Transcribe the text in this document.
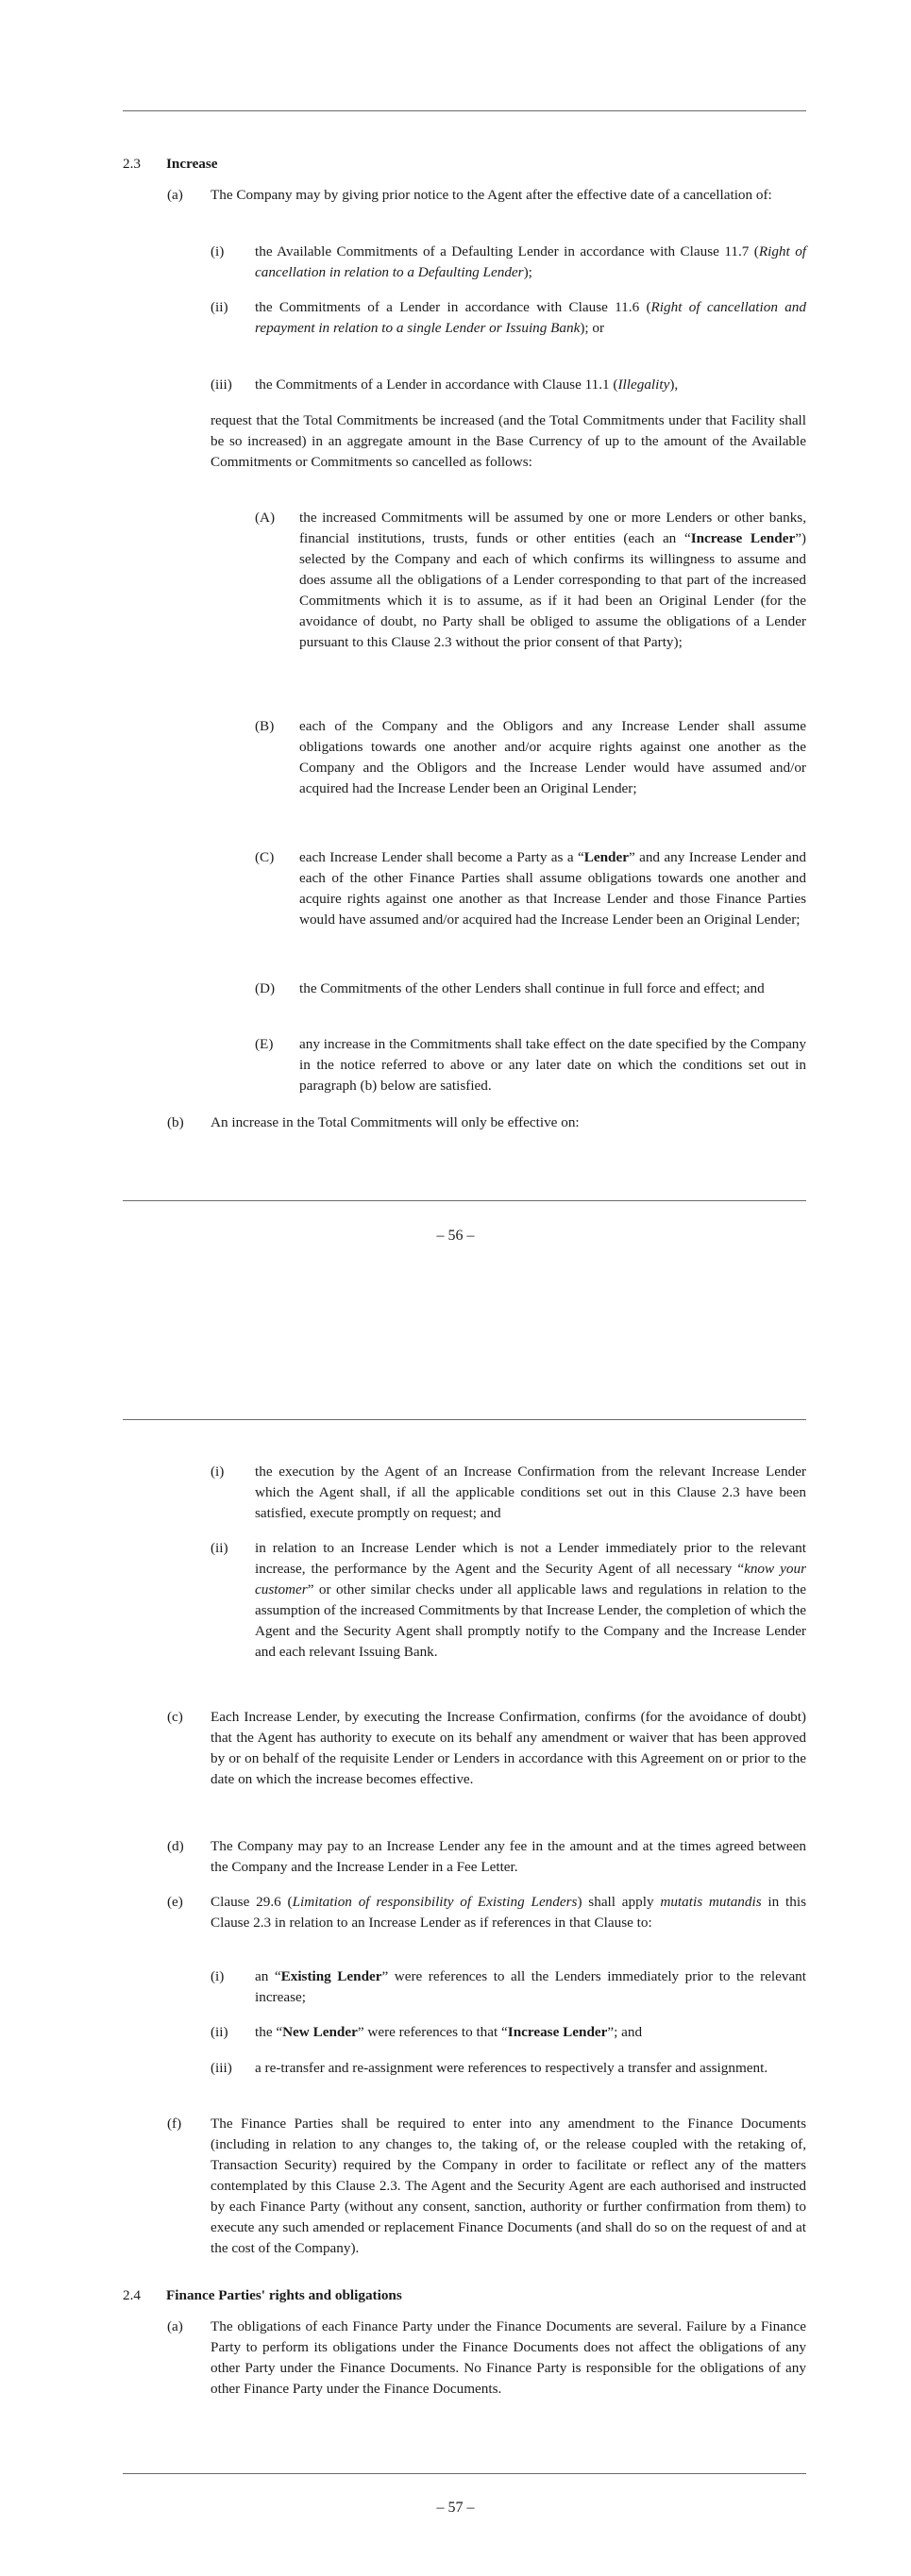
2.3 Increase
(a) The Company may by giving prior notice to the Agent after the effective date of a cancellation of:
(i) the Available Commitments of a Defaulting Lender in accordance with Clause 11.7 (Right of cancellation in relation to a Defaulting Lender);
(ii) the Commitments of a Lender in accordance with Clause 11.6 (Right of cancellation and repayment in relation to a single Lender or Issuing Bank); or
(iii) the Commitments of a Lender in accordance with Clause 11.1 (Illegality),
request that the Total Commitments be increased (and the Total Commitments under that Facility shall be so increased) in an aggregate amount in the Base Currency of up to the amount of the Available Commitments or Commitments so cancelled as follows:
(A) the increased Commitments will be assumed by one or more Lenders or other banks, financial institutions, trusts, funds or other entities (each an “Increase Lender”) selected by the Company and each of which confirms its willingness to assume and does assume all the obligations of a Lender corresponding to that part of the increased Commitments which it is to assume, as if it had been an Original Lender (for the avoidance of doubt, no Party shall be obliged to assume the obligations of a Lender pursuant to this Clause 2.3 without the prior consent of that Party);
(B) each of the Company and the Obligors and any Increase Lender shall assume obligations towards one another and/or acquire rights against one another as the Company and the Obligors and the Increase Lender would have assumed and/or acquired had the Increase Lender been an Original Lender;
(C) each Increase Lender shall become a Party as a “Lender” and any Increase Lender and each of the other Finance Parties shall assume obligations towards one another and acquire rights against one another as that Increase Lender and those Finance Parties would have assumed and/or acquired had the Increase Lender been an Original Lender;
(D) the Commitments of the other Lenders shall continue in full force and effect; and
(E) any increase in the Commitments shall take effect on the date specified by the Company in the notice referred to above or any later date on which the conditions set out in paragraph (b) below are satisfied.
(b) An increase in the Total Commitments will only be effective on:
– 56 –
(i) the execution by the Agent of an Increase Confirmation from the relevant Increase Lender which the Agent shall, if all the applicable conditions set out in this Clause 2.3 have been satisfied, execute promptly on request; and
(ii) in relation to an Increase Lender which is not a Lender immediately prior to the relevant increase, the performance by the Agent and the Security Agent of all necessary “know your customer” or other similar checks under all applicable laws and regulations in relation to the assumption of the increased Commitments by that Increase Lender, the completion of which the Agent and the Security Agent shall promptly notify to the Company and the Increase Lender and each relevant Issuing Bank.
(c) Each Increase Lender, by executing the Increase Confirmation, confirms (for the avoidance of doubt) that the Agent has authority to execute on its behalf any amendment or waiver that has been approved by or on behalf of the requisite Lender or Lenders in accordance with this Agreement on or prior to the date on which the increase becomes effective.
(d) The Company may pay to an Increase Lender any fee in the amount and at the times agreed between the Company and the Increase Lender in a Fee Letter.
(e) Clause 29.6 (Limitation of responsibility of Existing Lenders) shall apply mutatis mutandis in this Clause 2.3 in relation to an Increase Lender as if references in that Clause to:
(i) an “Existing Lender” were references to all the Lenders immediately prior to the relevant increase;
(ii) the “New Lender” were references to that “Increase Lender”; and
(iii) a re-transfer and re-assignment were references to respectively a transfer and assignment.
(f) The Finance Parties shall be required to enter into any amendment to the Finance Documents (including in relation to any changes to, the taking of, or the release coupled with the retaking of, Transaction Security) required by the Company in order to facilitate or reflect any of the matters contemplated by this Clause 2.3. The Agent and the Security Agent are each authorised and instructed by each Finance Party (without any consent, sanction, authority or further confirmation from them) to execute any such amended or replacement Finance Documents (and shall do so on the request of and at the cost of the Company).
2.4 Finance Parties' rights and obligations
(a) The obligations of each Finance Party under the Finance Documents are several. Failure by a Finance Party to perform its obligations under the Finance Documents does not affect the obligations of any other Party under the Finance Documents. No Finance Party is responsible for the obligations of any other Finance Party under the Finance Documents.
– 57 –
